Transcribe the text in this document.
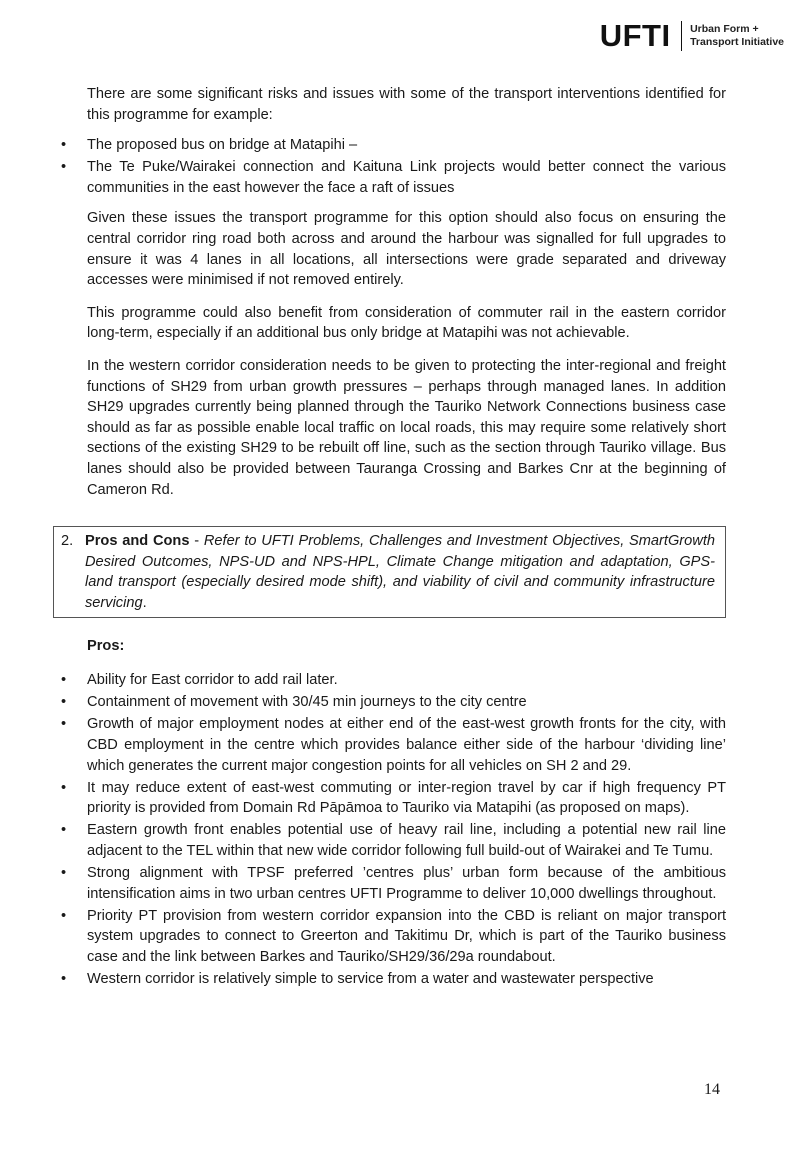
UFTI Urban Form +
Transport Initiative

There are some significant risks and issues with some of the transport interventions identified for this programme for example:

• The proposed bus on bridge at Matapihi –
• The Te Puke/Wairakei connection and Kaituna Link projects would better connect the various communities in the east however the face a raft of issues

Given these issues the transport programme for this option should also focus on ensuring the central corridor ring road both across and around the harbour was signalled for full upgrades to ensure it was 4 lanes in all locations, all intersections were grade separated and driveway accesses were minimised if not removed entirely.

This programme could also benefit from consideration of commuter rail in the eastern corridor long-term, especially if an additional bus only bridge at Matapihi was not achievable.

In the western corridor consideration needs to be given to protecting the inter-regional and freight functions of SH29 from urban growth pressures – perhaps through managed lanes. In addition SH29 upgrades currently being planned through the Tauriko Network Connections business case should as far as possible enable local traffic on local roads, this may require some relatively short sections of the existing SH29 to be rebuilt off line, such as the section through Tauriko village. Bus lanes should also be provided between Tauranga Crossing and Barkes Cnr at the beginning of Cameron Rd.

2. Pros and Cons - Refer to UFTI Problems, Challenges and Investment Objectives, SmartGrowth Desired Outcomes, NPS-UD and NPS-HPL, Climate Change mitigation and adaptation, GPS-land transport (especially desired mode shift), and viability of civil and community infrastructure servicing.

Pros:

• Ability for East corridor to add rail later.
• Containment of movement with 30/45 min journeys to the city centre
• Growth of major employment nodes at either end of the east-west growth fronts for the city, with CBD employment in the centre which provides balance either side of the harbour ‘dividing line’ which generates the current major congestion points for all vehicles on SH 2 and 29.
• It may reduce extent of east-west commuting or inter-region travel by car if high frequency PT priority is provided from Domain Rd Pāpāmoa to Tauriko via Matapihi (as proposed on maps).
• Eastern growth front enables potential use of heavy rail line, including a potential new rail line adjacent to the TEL within that new wide corridor following full build-out of Wairakei and Te Tumu.
• Strong alignment with TPSF preferred ’centres plus’ urban form because of the ambitious intensification aims in two urban centres UFTI Programme to deliver 10,000 dwellings throughout.
• Priority PT provision from western corridor expansion into the CBD is reliant on major transport system upgrades to connect to Greerton and Takitimu Dr, which is part of the Tauriko business case and the link between Barkes and Tauriko/SH29/36/29a roundabout.
• Western corridor is relatively simple to service from a water and wastewater perspective
14
